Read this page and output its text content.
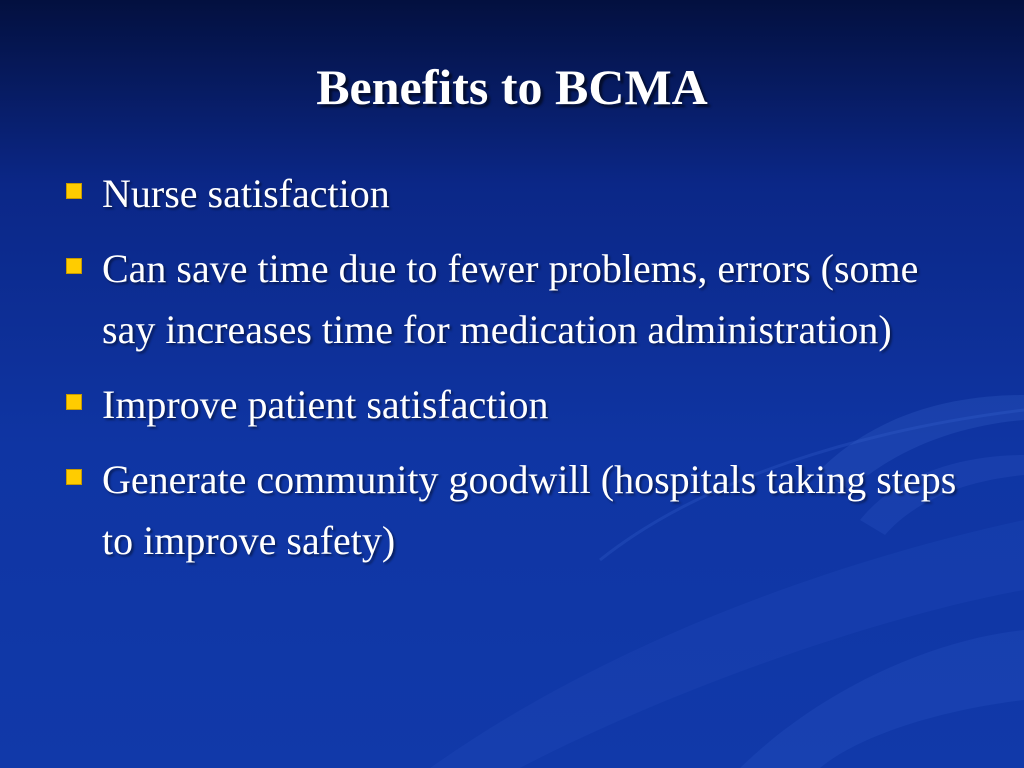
Benefits to BCMA
Nurse satisfaction
Can save time due to fewer problems, errors (some say increases time for medication administration)
Improve patient satisfaction
Generate community goodwill (hospitals taking steps to improve safety)
